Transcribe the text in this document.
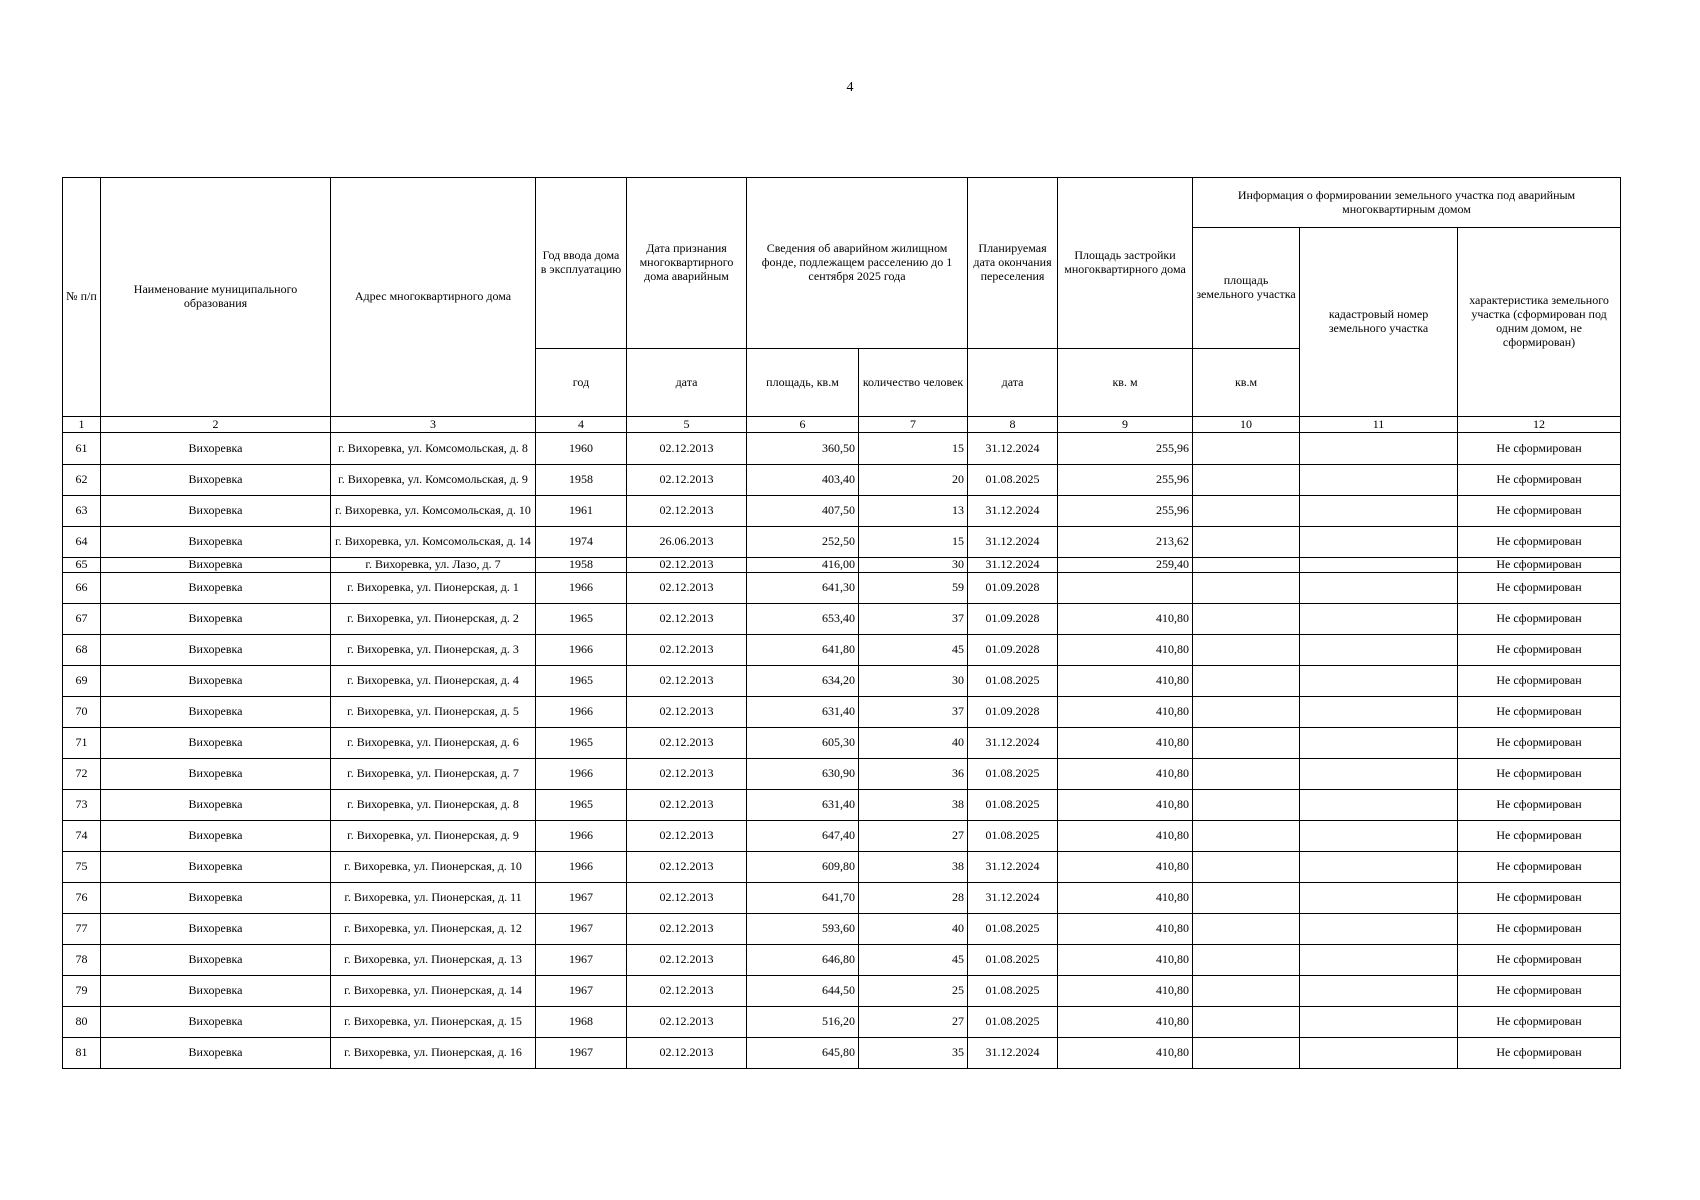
4
№ п/п	Наименование муниципального образования	Адрес многоквартирного дома	Год ввода дома в эксплуатацию	Дата признания многоквартирного дома аварийным	Сведения об аварийном жилищном фонде, подлежащем расселению до 1 сентября 2025 года		Планируемая дата окончания переселения	Площадь застройки многоквартирного дома	Информация о формировании земельного участка под аварийным многоквартирным домом		
									площадь земельного участка	кадастровый номер земельного участка	характеристика земельного участка (сформирован под одним домом, не сформирован)
			год	дата	площадь, кв.м	количество человек	дата	кв. м	кв.м		
1	2	3	4	5	6	7	8	9	10	11	12
61	Вихоревка	г. Вихоревка, ул. Комсомольская, д. 8	1960	02.12.2013	360,50	15	31.12.2024	255,96			Не сформирован
62	Вихоревка	г. Вихоревка, ул. Комсомольская, д. 9	1958	02.12.2013	403,40	20	01.08.2025	255,96			Не сформирован
63	Вихоревка	г. Вихоревка, ул. Комсомольская, д. 10	1961	02.12.2013	407,50	13	31.12.2024	255,96			Не сформирован
64	Вихоревка	г. Вихоревка, ул. Комсомольская, д. 14	1974	26.06.2013	252,50	15	31.12.2024	213,62			Не сформирован
65	Вихоревка	г. Вихоревка, ул. Лазо, д. 7	1958	02.12.2013	416,00	30	31.12.2024	259,40			Не сформирован
66	Вихоревка	г. Вихоревка, ул. Пионерская, д. 1	1966	02.12.2013	641,30	59	01.09.2028				Не сформирован
67	Вихоревка	г. Вихоревка, ул. Пионерская, д. 2	1965	02.12.2013	653,40	37	01.09.2028	410,80			Не сформирован
68	Вихоревка	г. Вихоревка, ул. Пионерская, д. 3	1966	02.12.2013	641,80	45	01.09.2028	410,80			Не сформирован
69	Вихоревка	г. Вихоревка, ул. Пионерская, д. 4	1965	02.12.2013	634,20	30	01.08.2025	410,80			Не сформирован
70	Вихоревка	г. Вихоревка, ул. Пионерская, д. 5	1966	02.12.2013	631,40	37	01.09.2028	410,80			Не сформирован
71	Вихоревка	г. Вихоревка, ул. Пионерская, д. 6	1965	02.12.2013	605,30	40	31.12.2024	410,80			Не сформирован
72	Вихоревка	г. Вихоревка, ул. Пионерская, д. 7	1966	02.12.2013	630,90	36	01.08.2025	410,80			Не сформирован
73	Вихоревка	г. Вихоревка, ул. Пионерская, д. 8	1965	02.12.2013	631,40	38	01.08.2025	410,80			Не сформирован
74	Вихоревка	г. Вихоревка, ул. Пионерская, д. 9	1966	02.12.2013	647,40	27	01.08.2025	410,80			Не сформирован
75	Вихоревка	г. Вихоревка, ул. Пионерская, д. 10	1966	02.12.2013	609,80	38	31.12.2024	410,80			Не сформирован
76	Вихоревка	г. Вихоревка, ул. Пионерская, д. 11	1967	02.12.2013	641,70	28	31.12.2024	410,80			Не сформирован
77	Вихоревка	г. Вихоревка, ул. Пионерская, д. 12	1967	02.12.2013	593,60	40	01.08.2025	410,80			Не сформирован
78	Вихоревка	г. Вихоревка, ул. Пионерская, д. 13	1967	02.12.2013	646,80	45	01.08.2025	410,80			Не сформирован
79	Вихоревка	г. Вихоревка, ул. Пионерская, д. 14	1967	02.12.2013	644,50	25	01.08.2025	410,80			Не сформирован
80	Вихоревка	г. Вихоревка, ул. Пионерская, д. 15	1968	02.12.2013	516,20	27	01.08.2025	410,80			Не сформирован
81	Вихоревка	г. Вихоревка, ул. Пионерская, д. 16	1967	02.12.2013	645,80	35	31.12.2024	410,80			Не сформирован
